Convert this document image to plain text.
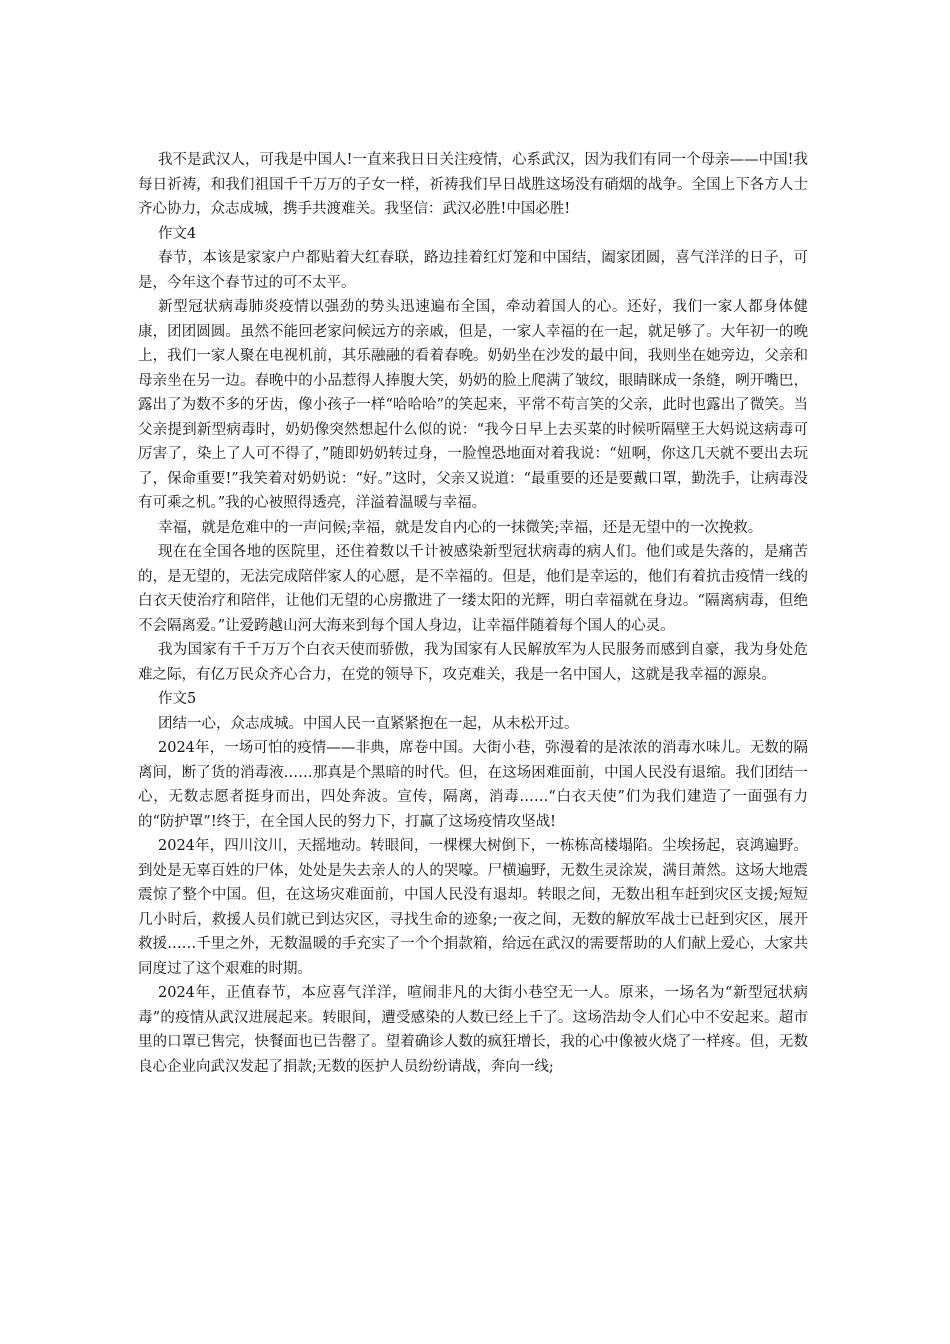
我不是武汉人，可我是中国人!一直来我日日关注疫情，心系武汉，因为我们有同一个母亲——中国!我每日祈祷，和我们祖国千千万万的子女一样，祈祷我们早日战胜这场没有硝烟的战争。全国上下各方人士齐心协力，众志成城，携手共渡难关。我坚信：武汉必胜!中国必胜!

作文4

春节，本该是家家户户都贴着大红春联，路边挂着红灯笼和中国结，阖家团圆，喜气洋洋的日子，可是，今年这个春节过的可不太平。

新型冠状病毒肺炎疫情以强劲的势头迅速遍布全国，牵动着国人的心。还好，我们一家人都身体健康，团团圆圆。虽然不能回老家问候远方的亲戚，但是，一家人幸福的在一起，就足够了。大年初一的晚上，我们一家人聚在电视机前，其乐融融的看着春晚。奶奶坐在沙发的最中间，我则坐在她旁边，父亲和母亲坐在另一边。春晚中的小品惹得人捧腹大笑，奶奶的脸上爬满了皱纹，眼睛眯成一条缝，咧开嘴巴，露出了为数不多的牙齿，像小孩子一样“哈哈哈”的笑起来，平常不苟言笑的父亲，此时也露出了微笑。当父亲提到新型病毒时，奶奶像突然想起什么似的说：“我今日早上去买菜的时候听隔壁王大妈说这病毒可厉害了，染上了人可不得了，”随即奶奶转过身，一脸惶恐地面对着我说：“妞啊，你这几天就不要出去玩了，保命重要!”我笑着对奶奶说：“好。”这时，父亲又说道：“最重要的还是要戴口罩，勤洗手，让病毒没有可乘之机。”我的心被照得透亮，洋溢着温暖与幸福。

幸福，就是危难中的一声问候;幸福，就是发自内心的一抹微笑;幸福，还是无望中的一次挽救。

现在在全国各地的医院里，还住着数以千计被感染新型冠状病毒的病人们。他们或是失落的，是痛苦的，是无望的，无法完成陪伴家人的心愿，是不幸福的。但是，他们是幸运的，他们有着抗击疫情一线的白衣天使治疗和陪伴，让他们无望的心房撒进了一缕太阳的光辉，明白幸福就在身边。“隔离病毒，但绝不会隔离爱。”让爱跨越山河大海来到每个国人身边，让幸福伴随着每个国人的心灵。

我为国家有千千万万个白衣天使而骄傲，我为国家有人民解放军为人民服务而感到自豪，我为身处危难之际，有亿万民众齐心合力，在党的领导下，攻克难关，我是一名中国人，这就是我幸福的源泉。

作文5

团结一心，众志成城。中国人民一直紧紧抱在一起，从未松开过。

2024年，一场可怕的疫情——非典，席卷中国。大街小巷，弥漫着的是浓浓的消毒水味儿。无数的隔离间，断了货的消毒液……那真是个黑暗的时代。但，在这场困难面前，中国人民没有退缩。我们团结一心，无数志愿者挺身而出，四处奔波。宣传，隔离，消毒……“白衣天使”们为我们建造了一面强有力的“防护罩”!终于，在全国人民的努力下，打赢了这场疫情攻坚战!

2024年，四川汶川，天摇地动。转眼间，一棵棵大树倒下，一栋栋高楼塌陷。尘埃扬起，哀鸿遍野。到处是无辜百姓的尸体，处处是失去亲人的人的哭嚎。尸横遍野，无数生灵涂炭，满目萧然。这场大地震震惊了整个中国。但，在这场灾难面前，中国人民没有退却。转眼之间，无数出租车赶到灾区支援;短短几小时后，救援人员们就已到达灾区，寻找生命的迹象;一夜之间，无数的解放军战士已赶到灾区，展开救援……千里之外，无数温暖的手充实了一个个捐款箱，给远在武汉的需要帮助的人们献上爱心，大家共同度过了这个艰难的时期。

2024年，正值春节，本应喜气洋洋，喧闹非凡的大街小巷空无一人。原来，一场名为“新型冠状病毒”的疫情从武汉进展起来。转眼间，遭受感染的人数已经上千了。这场浩劫令人们心中不安起来。超市里的口罩已售完，快餐面也已告罄了。望着确诊人数的疯狂增长，我的心中像被火烧了一样疼。但，无数良心企业向武汉发起了捐款;无数的医护人员纷纷请战，奔向一线;
